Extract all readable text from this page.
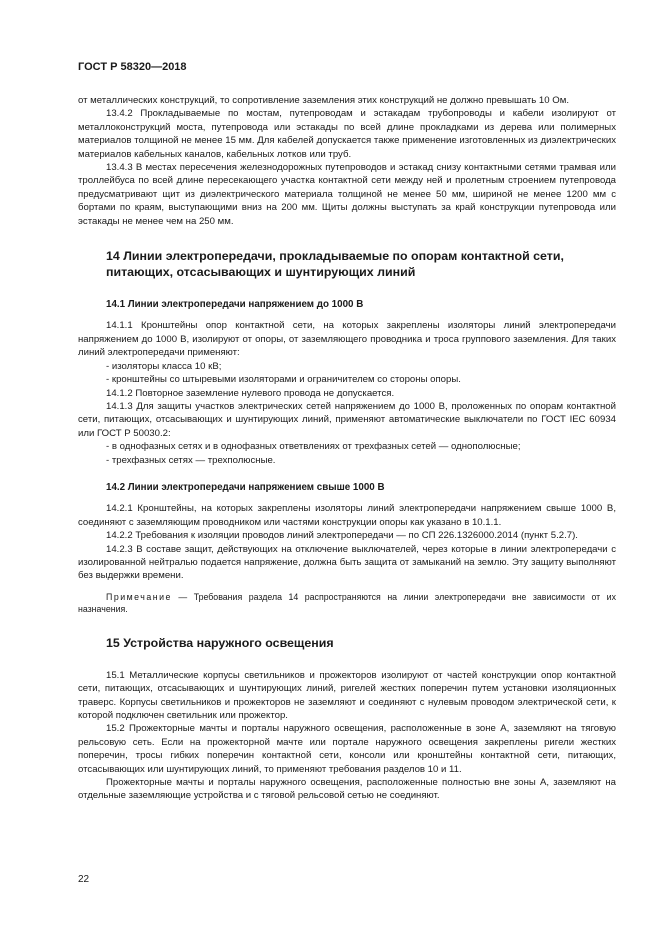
ГОСТ Р 58320—2018

от металлических конструкций, то сопротивление заземления этих конструкций не должно превышать 10 Ом.

13.4.2 Прокладываемые по мостам, путепроводам и эстакадам трубопроводы и кабели изолируют от металлоконструкций моста, путепровода или эстакады по всей длине прокладками из дерева или полимерных материалов толщиной не менее 15 мм. Для кабелей допускается также применение изготовленных из диэлектрических материалов кабельных каналов, кабельных лотков или труб.

13.4.3 В местах пересечения железнодорожных путепроводов и эстакад снизу контактными сетями трамвая или троллейбуса по всей длине пересекающего участка контактной сети между ней и пролетным строением путепровода предусматривают щит из диэлектрического материала толщиной не менее 50 мм, шириной не менее 1200 мм с бортами по краям, выступающими вниз на 200 мм. Щиты должны выступать за край конструкции путепровода или эстакады не менее чем на 250 мм.

14 Линии электропередачи, прокладываемые по опорам контактной сети, питающих, отсасывающих и шунтирующих линий
14.1 Линии электропередачи напряжением до 1000 В

14.1.1 Кронштейны опор контактной сети, на которых закреплены изоляторы линий электропередачи напряжением до 1000 В, изолируют от опоры, от заземляющего проводника и троса группового заземления. Для таких линий электропередачи применяют:

- изоляторы класса 10 кВ;
- кронштейны со штыревыми изоляторами и ограничителем со стороны опоры.

14.1.2 Повторное заземление нулевого провода не допускается.

14.1.3 Для защиты участков электрических сетей напряжением до 1000 В, проложенных по опорам контактной сети, питающих, отсасывающих и шунтирующих линий, применяют автоматические выключатели по ГОСТ IEC 60934 или ГОСТ Р 50030.2:

- в однофазных сетях и в однофазных ответвлениях от трехфазных сетей — однополюсные;
- трехфазных сетях — трехполюсные.
14.2 Линии электропередачи напряжением свыше 1000 В

14.2.1 Кронштейны, на которых закреплены изоляторы линий электропередачи напряжением свыше 1000 В, соединяют с заземляющим проводником или частями конструкции опоры как указано в 10.1.1.

14.2.2 Требования к изоляции проводов линий электропередачи — по СП 226.1326000.2014 (пункт 5.2.7).

14.2.3 В составе защит, действующих на отключение выключателей, через которые в линии электропередачи с изолированной нейтралью подается напряжение, должна быть защита от замыканий на землю. Эту защиту выполняют без выдержки времени.

Примечание — Требования раздела 14 распространяются на линии электропередачи вне зависимости от их назначения.

15 Устройства наружного освещения

15.1 Металлические корпусы светильников и прожекторов изолируют от частей конструкции опор контактной сети, питающих, отсасывающих и шунтирующих линий, ригелей жестких поперечин путем установки изоляционных траверс. Корпусы светильников и прожекторов не заземляют и соединяют с нулевым проводом электрической сети, к которой подключен светильник или прожектор.

15.2 Прожекторные мачты и порталы наружного освещения, расположенные в зоне А, заземляют на тяговую рельсовую сеть. Если на прожекторной мачте или портале наружного освещения закреплены ригели жестких поперечин, тросы гибких поперечин контактной сети, консоли или кронштейны контактной сети, питающих, отсасывающих или шунтирующих линий, то применяют требования разделов 10 и 11.

Прожекторные мачты и порталы наружного освещения, расположенные полностью вне зоны А, заземляют на отдельные заземляющие устройства и с тяговой рельсовой сетью не соединяют.

22
